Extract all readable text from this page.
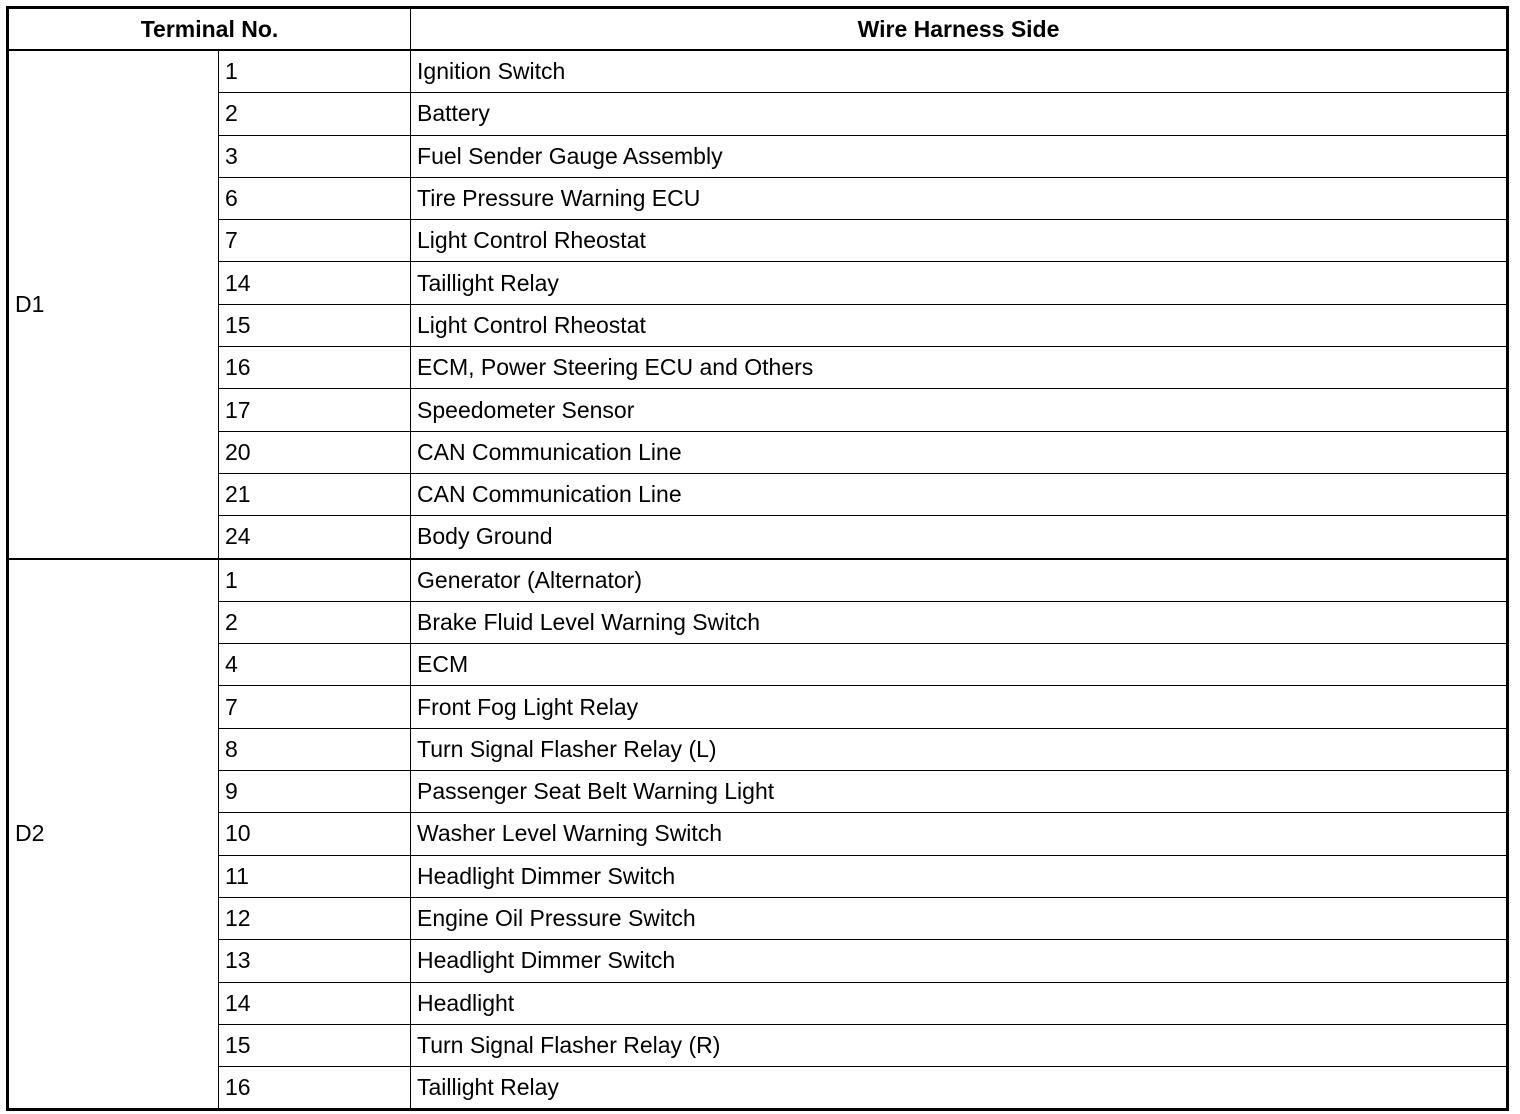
Terminal No.		Wire Harness Side
D1	1	Ignition Switch
	2	Battery
	3	Fuel Sender Gauge Assembly
	6	Tire Pressure Warning ECU
	7	Light Control Rheostat
	14	Taillight Relay
	15	Light Control Rheostat
	16	ECM, Power Steering ECU and Others
	17	Speedometer Sensor
	20	CAN Communication Line
	21	CAN Communication Line
	24	Body Ground
D2	1	Generator (Alternator)
	2	Brake Fluid Level Warning Switch
	4	ECM
	7	Front Fog Light Relay
	8	Turn Signal Flasher Relay (L)
	9	Passenger Seat Belt Warning Light
	10	Washer Level Warning Switch
	11	Headlight Dimmer Switch
	12	Engine Oil Pressure Switch
	13	Headlight Dimmer Switch
	14	Headlight
	15	Turn Signal Flasher Relay (R)
	16	Taillight Relay
